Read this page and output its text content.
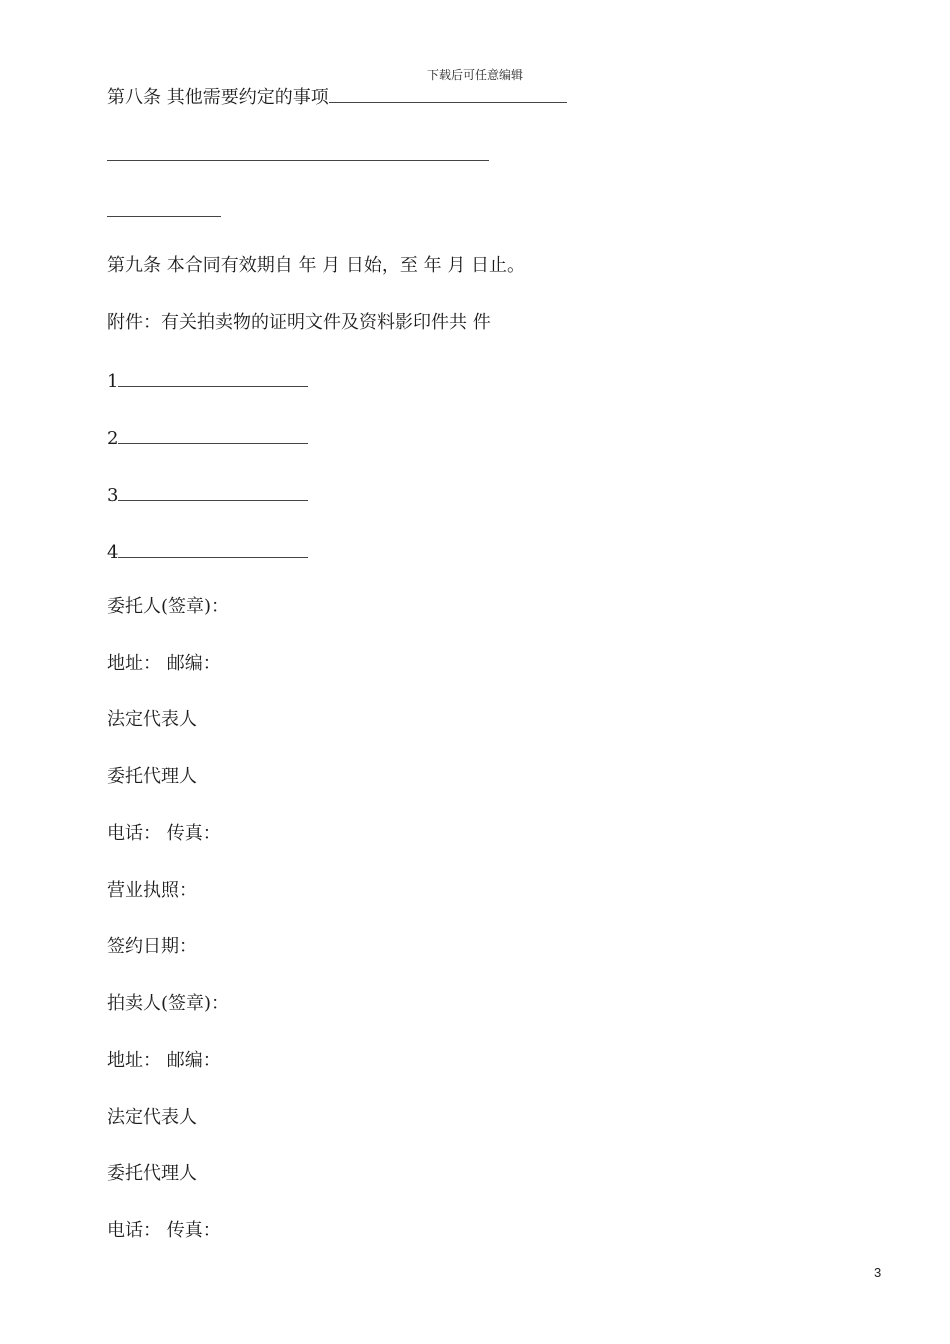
下载后可任意编辑
第八条 其他需要约定的事项
第九条 本合同有效期自 年 月 日始，至 年 月 日止。
附件：有关拍卖物的证明文件及资料影印件共 件
1
2
3
4
委托人(签章)：
地址： 邮编：
法定代表人
委托代理人
电话： 传真：
营业执照：
签约日期：
拍卖人(签章)：
地址： 邮编：
法定代表人
委托代理人
电话： 传真：
3
